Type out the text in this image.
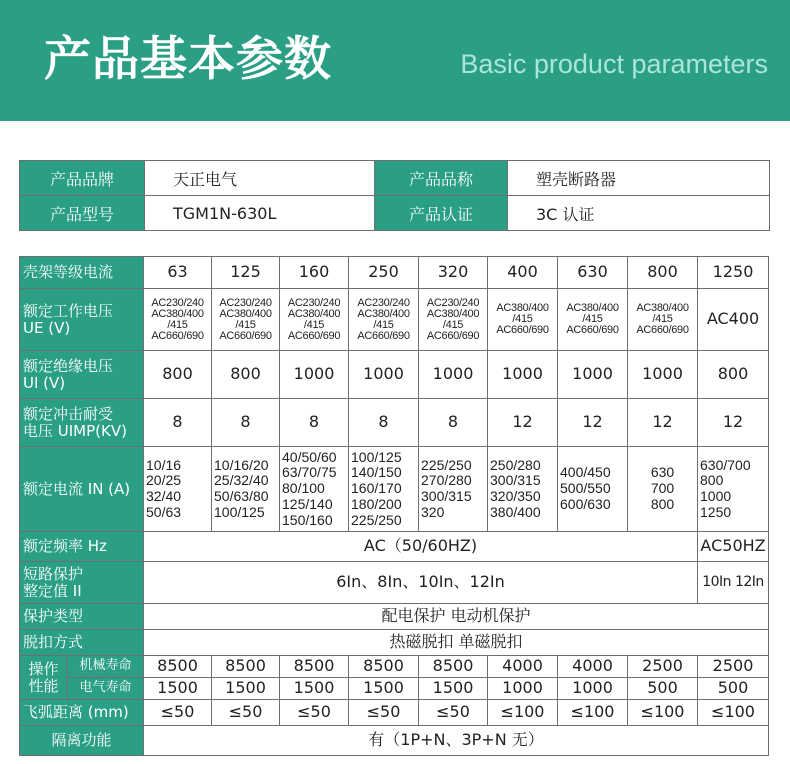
产品基本参数	Basic product parameters
产品品牌	天正电气	产品品称	塑壳断路器
产品型号	TGM1N-630L	产品认证	3C 认证
壳架等级电流		63	125	160	250	320	400	630	800	1250

额定工作电压
UE (V)		AC230/240
AC380/400
/415
AC660/690	AC230/240
AC380/400
/415
AC660/690	AC230/240
AC380/400
/415
AC660/690	AC230/240
AC380/400
/415
AC660/690	AC230/240
AC380/400
/415
AC660/690	AC380/400
/415
AC660/690	AC380/400
/415
AC660/690	AC380/400
/415
AC660/690	AC400

额定绝缘电压
UI (V)		800	800	1000	1000	1000	1000	1000	1000	800

额定冲击耐受
电压 UIMP(KV)		8	8	8	8	8	12	12	12	12
额定电流 IN (A)		10/16
20/25
32/40
50/63	10/16/20
25/32/40
50/63/80
100/125	40/50/60
63/70/75
80/100
125/140
150/160	100/125
140/150
160/170
180/200
225/250	225/250
270/280
300/315
320	250/280
300/315
320/350
380/400	400/450
500/550
600/630	630
700
800	630/700
800
1000
1250

额定频率 Hz		AC（50/60HZ)								AC50HZ

短路保护
整定值 II		6In、8In、10In、12In								10In 12In
保护类型		配电保护 电动机保护								
脱扣方式		热磁脱扣 单磁脱扣								

操作
性能	机械寿命	8500	8500	8500	8500	8500	4000	4000	2500	2500
	电气寿命	1500	1500	1500	1500	1500	1000	1000	500	500
飞弧距离 (mm)		≤50	≤50	≤50	≤50	≤50	≤100	≤100	≤100	≤100
隔离功能		有（1P+N、3P+N 无）								
